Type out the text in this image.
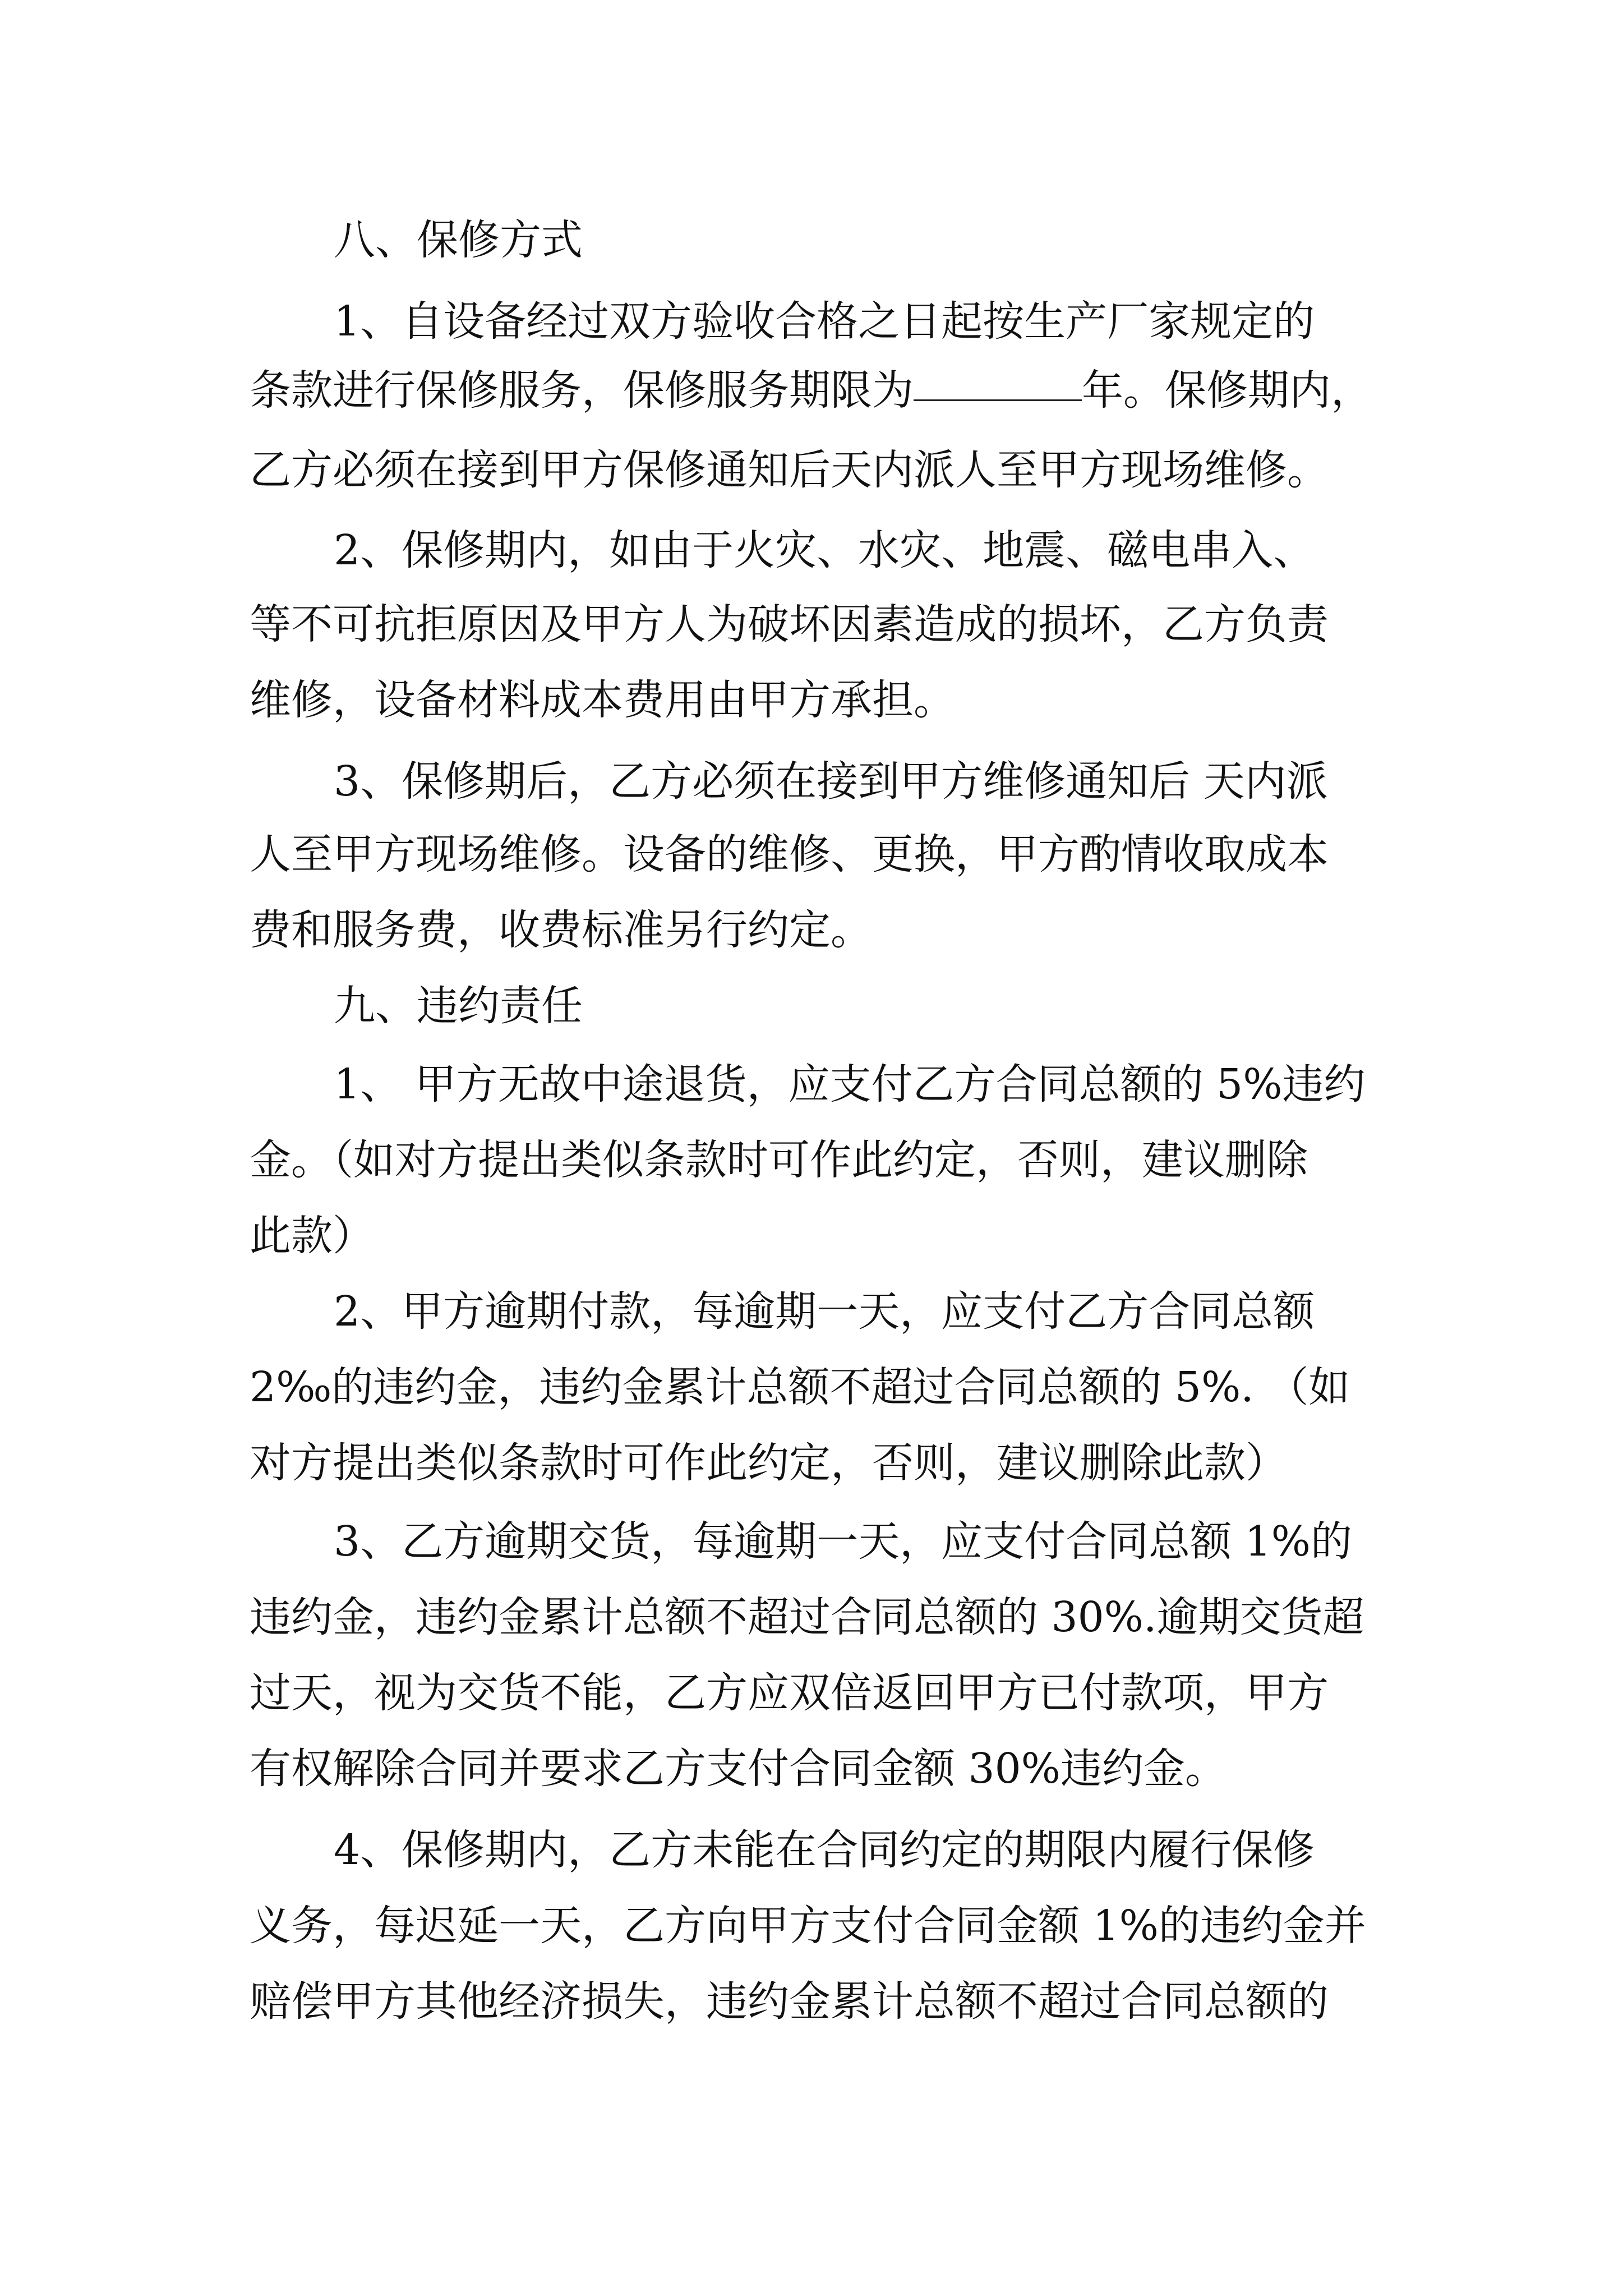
八、保修方式

1、自设备经过双方验收合格之日起按生产厂家规定的

条款进行保修服务，保修服务期限为	年。保修期内，

乙方必须在接到甲方保修通知后天内派人至甲方现场维修。

2、保修期内，如由于火灾、水灾、地震、磁电串入、

等不可抗拒原因及甲方人为破坏因素造成的损坏，乙方负责

维修，设备材料成本费用由甲方承担。

3、保修期后，乙方必须在接到甲方维修通知后 天内派

人至甲方现场维修。设备的维修、更换，甲方酌情收取成本

费和服务费，收费标准另行约定。

九、违约责任

1、 甲方无故中途退货，应支付乙方合同总额的 5%违约

金。（如对方提出类似条款时可作此约定，否则，建议删除

此款）

2、甲方逾期付款，每逾期一天，应支付乙方合同总额

2‰的违约金，违约金累计总额不超过合同总额的 5%. （如

对方提出类似条款时可作此约定，否则，建议删除此款）

3、乙方逾期交货，每逾期一天，应支付合同总额 1%的

违约金，违约金累计总额不超过合同总额的 30%.逾期交货超

过天，视为交货不能，乙方应双倍返回甲方已付款项，甲方

有权解除合同并要求乙方支付合同金额 30%违约金。

4、保修期内，乙方未能在合同约定的期限内履行保修

义务，每迟延一天，乙方向甲方支付合同金额 1%的违约金并

赔偿甲方其他经济损失，违约金累计总额不超过合同总额的
